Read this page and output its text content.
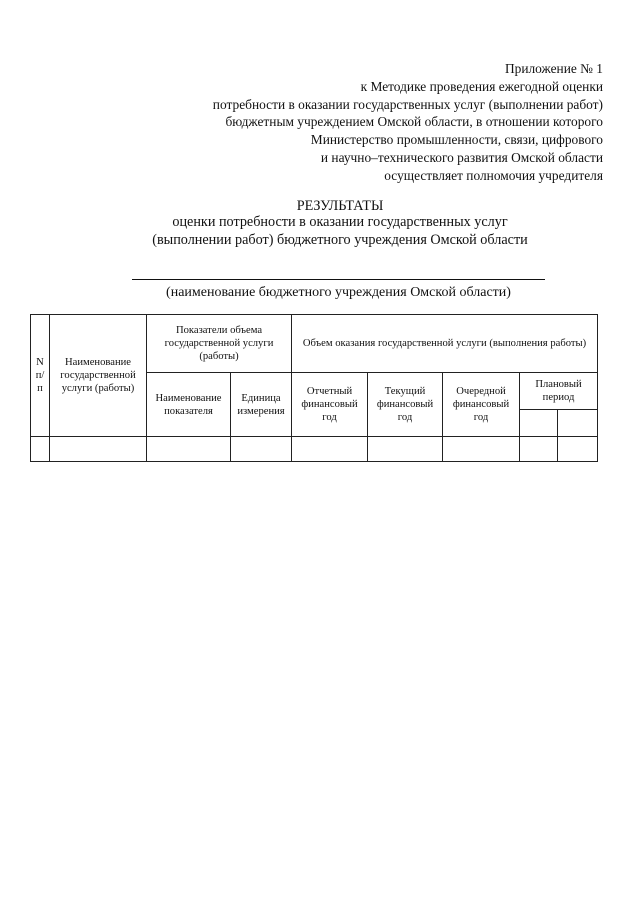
Приложение № 1
к Методике проведения ежегодной оценки
потребности в оказании государственных услуг (выполнении работ)
бюджетным учреждением Омской области, в отношении которого
Министерство промышленности, связи, цифрового
и научно–технического развития Омской области
осуществляет полномочия учредителя
РЕЗУЛЬТАТЫ
оценки потребности в оказании государственных услуг
(выполнении работ) бюджетного учреждения Омской области
(наименование бюджетного учреждения Омской области)
N п/п	Наименование государственной услуги (работы)	Показатели объема государственной услуги (работы)		Объем оказания государственной услуги (выполнения работы)				
		Наименование показателя	Единица измерения	Отчетный финансовый год	Текущий финансовый год	Очередной финансовый год	Плановый период	
